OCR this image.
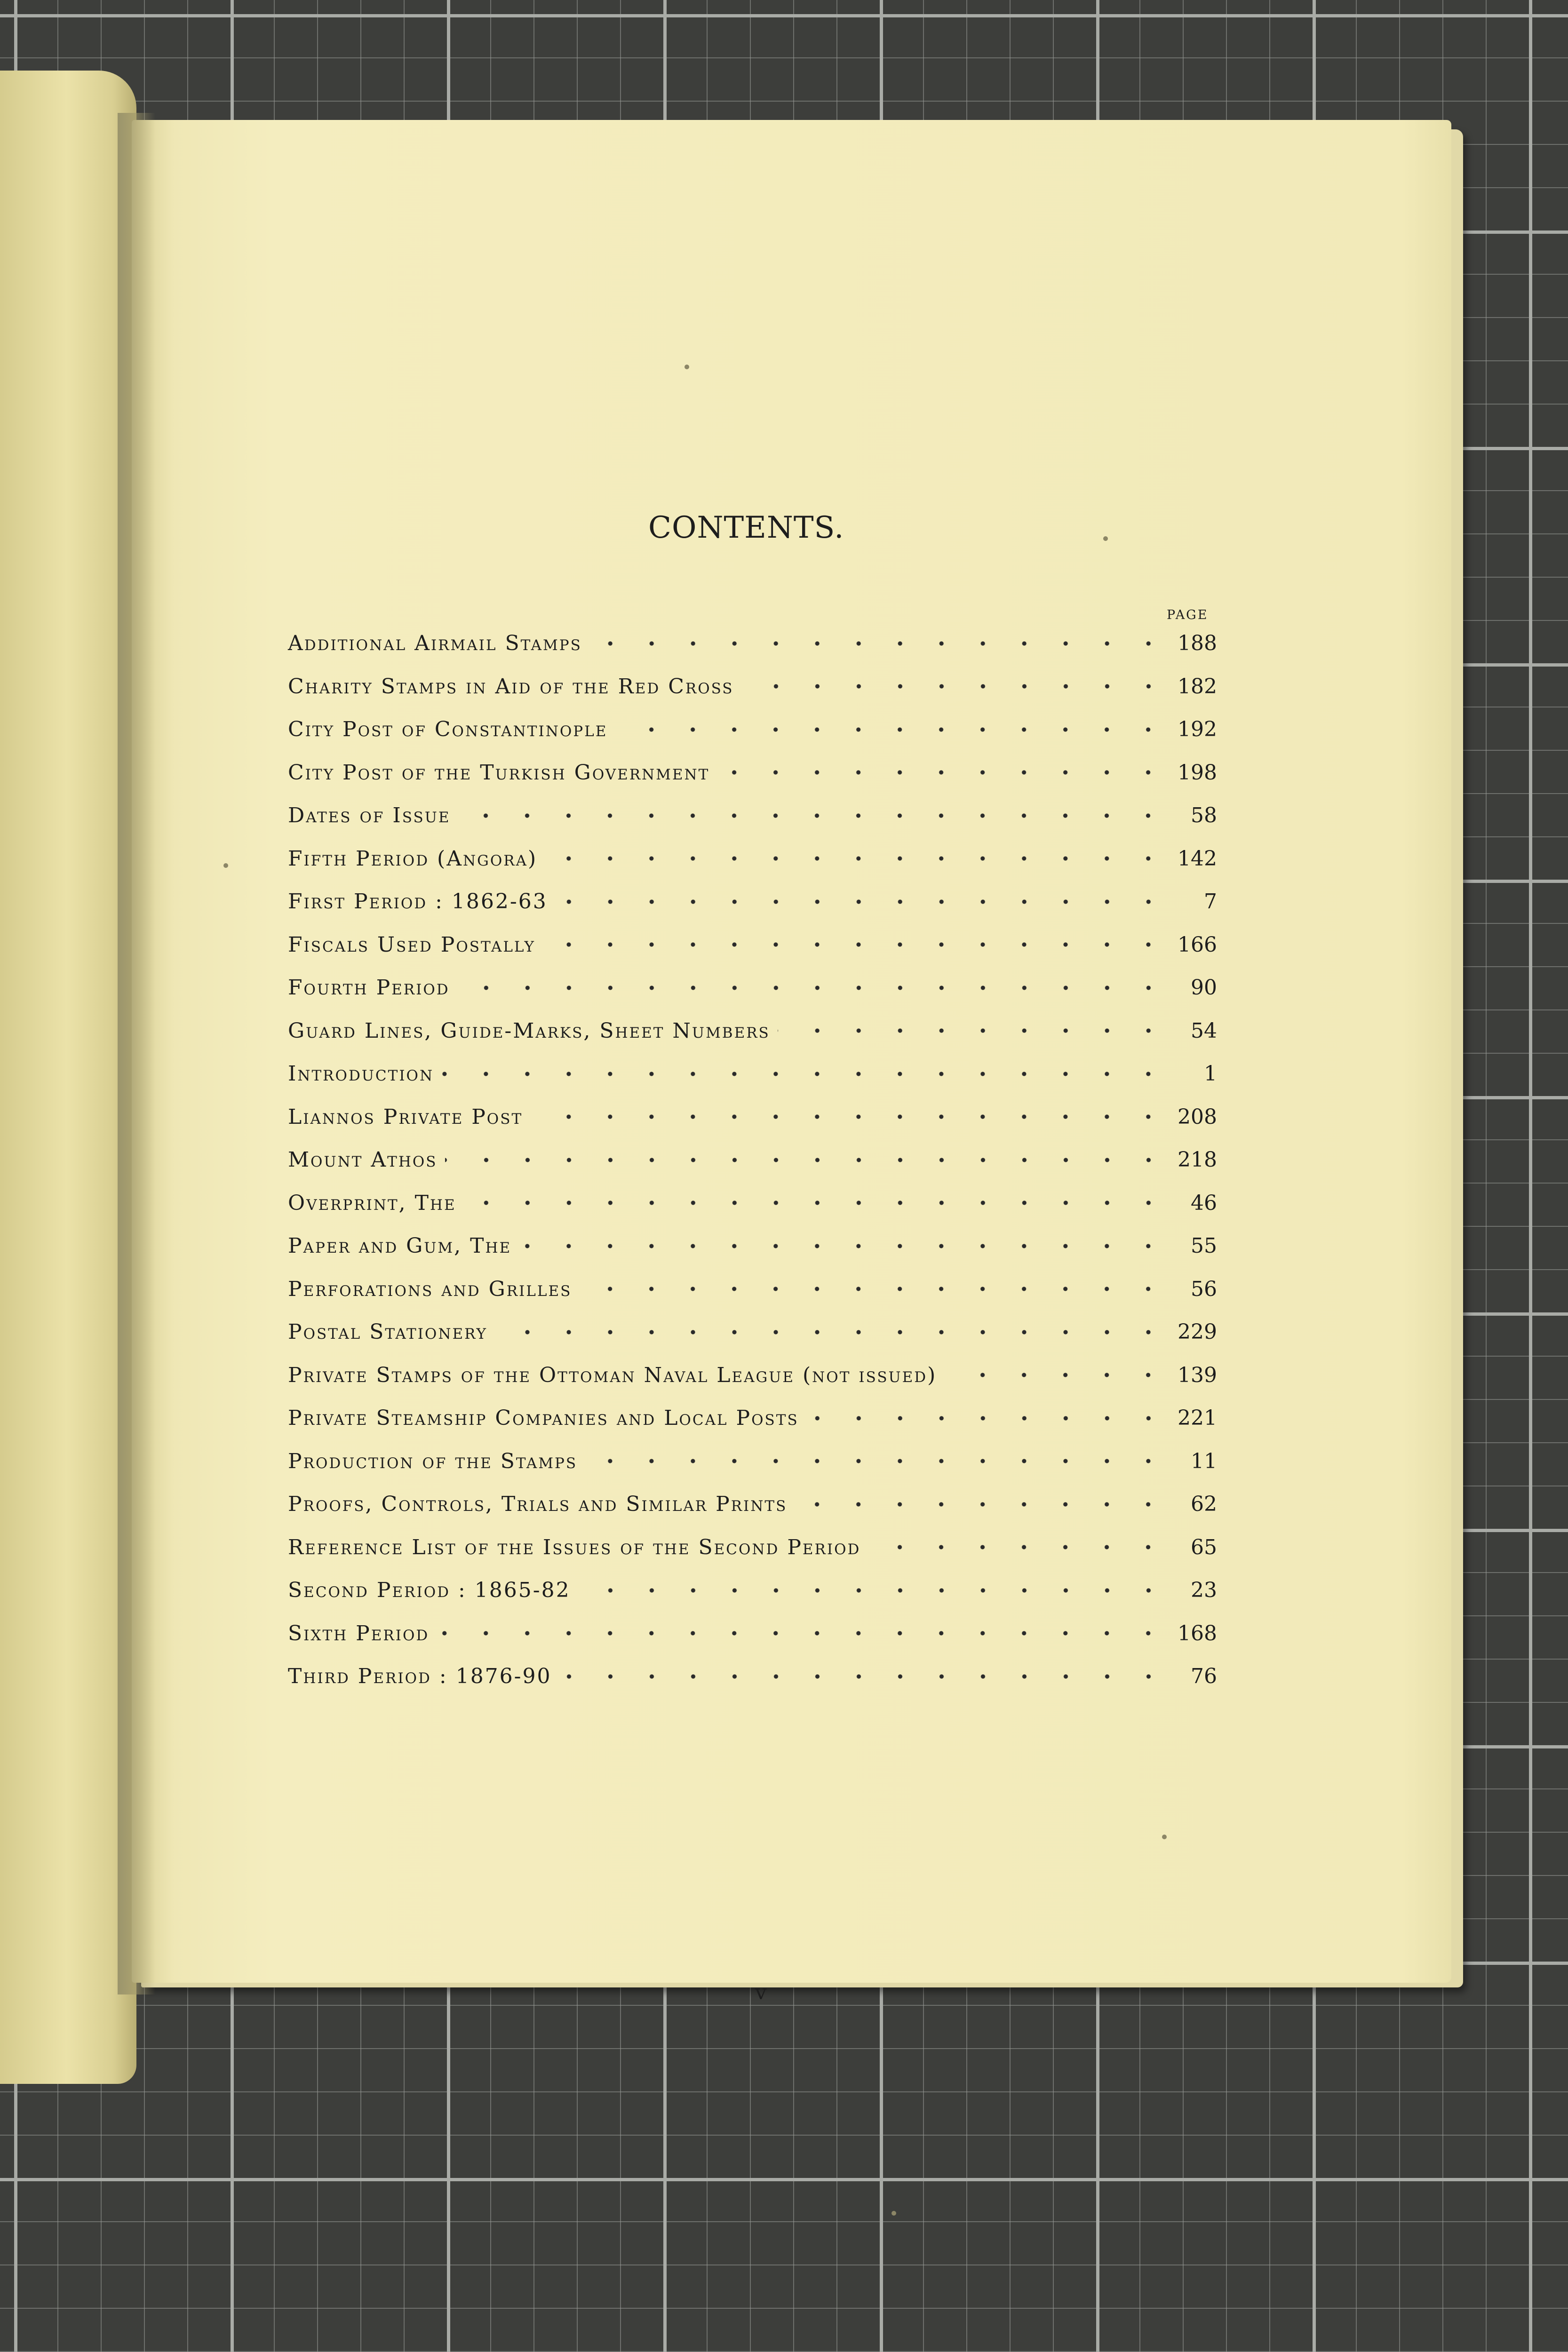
CONTENTS.
PAGE
Additional Airmail Stamps	188
Charity Stamps in Aid of the Red Cross	182
City Post of Constantinople	192
City Post of the Turkish Government	198
Dates of Issue	58
Fifth Period (Angora)	142
First Period : 1862-63	7
Fiscals Used Postally	166
Fourth Period	90
Guard Lines, Guide-Marks, Sheet Numbers	54
Introduction	1
Liannos Private Post	208
Mount Athos	218
Overprint, The	46
Paper and Gum, The	55
Perforations and Grilles	56
Postal Stationery	229
Private Stamps of the Ottoman Naval League (not issued)	139
Private Steamship Companies and Local Posts	221
Production of the Stamps	11
Proofs, Controls, Trials and Similar Prints	62
Reference List of the Issues of the Second Period	65
Second Period : 1865-82	23
Sixth Period	168
Third Period : 1876-90	76
v
